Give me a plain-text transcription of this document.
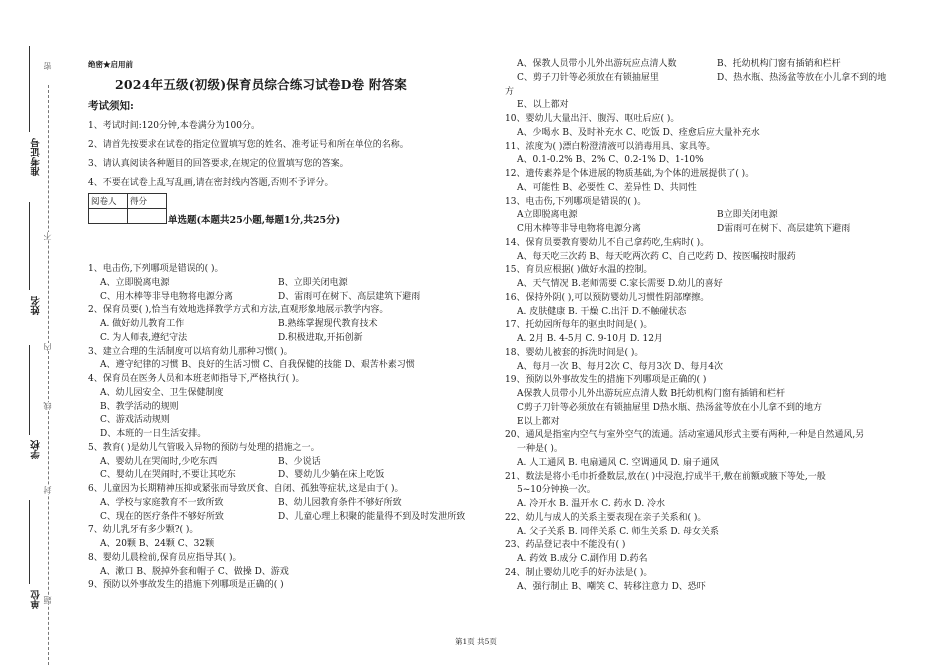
准考证号
姓名
学校
单位
密
不
内
线
封
题
绝密★启用前
2024年五级(初级)保育员综合练习试卷D卷 附答案
考试须知:
1、考试时间:120分钟,本卷满分为100分。
2、请首先按要求在试卷的指定位置填写您的姓名、准考证号和所在单位的名称。
3、请认真阅读各种题目的回答要求,在规定的位置填写您的答案。
4、不要在试卷上乱写乱画,请在密封线内答题,否则不予评分。
阅卷人	得分

单选题(本题共25小题,每题1分,共25分)
1、电击伤,下列哪项是错误的( )。
A、立即脱离电源	B、立即关闭电源
C、用木棒等非导电物将电源分离	D、雷雨可在树下、高层建筑下避雨
2、保育员要( ),恰当有效地选择教学方式和方法,直观形象地展示教学内容。
A. 做好幼儿教育工作	B.熟练掌握现代教育技术
C. 为人师表,遵纪守法	D.积极进取,开拓创新
3、建立合理的生活制度可以培育幼儿那种习惯( )。
A、遵守纪律的习惯 B、良好的生活习惯 C、自我保健的技能 D、艰苦朴素习惯
4、保育员在医务人员和本班老师指导下,严格执行( )。
A、幼儿园安全、卫生保健制度
B、教学活动的规则
C、游戏活动规则
D、本班的一日生活安排。
5、教育( )是幼儿气管吸入异物的预防与处理的措施之一。
A、婴幼儿在哭闹时,少吃东西	B、少说话
C、婴幼儿在哭闹时,不要让其吃东	D、婴幼儿少躺在床上吃饭
6、儿童因为长期精神压抑或紧张而导致厌食、自闭、孤独等症状,这是由于( )。
A、学校与家庭教育不一致所致	B、幼儿园教育条件不够好所致
C、现在的医疗条件不够好所致	D、儿童心理上积聚的能量得不到及时发泄所致
7、幼儿乳牙有多少颗?( )。
A、20颗 B、24颗 C、32颗
8、婴幼儿晨检前,保育员应指导其( )。
A、漱口 B、脱掉外套和帽子 C、做操 D、游戏
9、预防以外事故发生的措施下列哪项是正确的( )
A、保教人员带小儿外出游玩应点清人数	B、托幼机构门窗有插销和栏杆
C、剪子刀针等必须放在有锁抽屉里	D、热水瓶、热汤盆等放在小儿拿不到的地
方
E、以上都对
10、婴幼儿大量出汗、腹泻、呕吐后应( )。
A、少喝水 B、及时补充水 C、吃饭 D、痊愈后应大量补充水
11、浓度为( )漂白粉澄清液可以消毒用具、家具等。
A、0.1-0.2% B、2% C、0.2-1% D、1-10%
12、遗传素养是个体进展的物质基础,为个体的进展提供了( )。
A、可能性 B、必要性 C、差异性 D、共同性
13、电击伤,下列哪项是错误的( )。
A立即脱离电源	B立即关闭电源
C用木棒等非导电物将电源分离	D雷雨可在树下、高层建筑下避雨
14、保育员要教育婴幼儿不自己拿药吃,生病时( )。
A、每天吃三次药 B、每天吃两次药 C、自己吃药 D、按医嘱按时服药
15、育员应根据( )做好水温的控制。
A、天气情况 B.老师需要 C.家长需要 D.幼儿的喜好
16、保持外阴( ),可以预防婴幼儿习惯性阴部摩擦。
A. 皮肤健康 B. 干燥 C.出汗 D.不触碰状态
17、托幼园所每年的驱虫时间是( )。
A. 2月 B. 4-5月 C. 9-10月 D. 12月
18、婴幼儿被套的拆洗时间是( )。
A、每月一次 B、每月2次 C、每月3次 D、每月4次
19、预防以外事故发生的措施下列哪项是正确的( )
A保教人员带小儿外出游玩应点清人数 B托幼机构门窗有插销和栏杆
C剪子刀针等必须放在有锁抽屉里 D热水瓶、热汤盆等放在小儿拿不到的地方
E以上都对
20、通风是指室内空气与室外空气的流通。活动室通风形式主要有两种,一种是自然通风,另
一种是( )。
A. 人工通风 B. 电扇通风 C. 空调通风 D. 扇子通风
21、数法是将小毛巾折叠数层,放在( )中浸泡,拧成半干,敷在前额或腋下等处,一般
5~10分钟换一次。
A. 冷开水 B. 温开水 C. 药水 D. 冷水
22、幼儿与成人的关系主要表现在亲子关系和( )。
A. 父子关系 B. 同伴关系 C. 师生关系 D. 母女关系
23、药品登记表中不能没有( )
A. 药效 B.成分 C.副作用 D.药名
24、制止婴幼儿吃手的好办法是( )。
A、强行制止 B、嘲笑 C、转移注意力 D、恐吓
第1页 共5页
